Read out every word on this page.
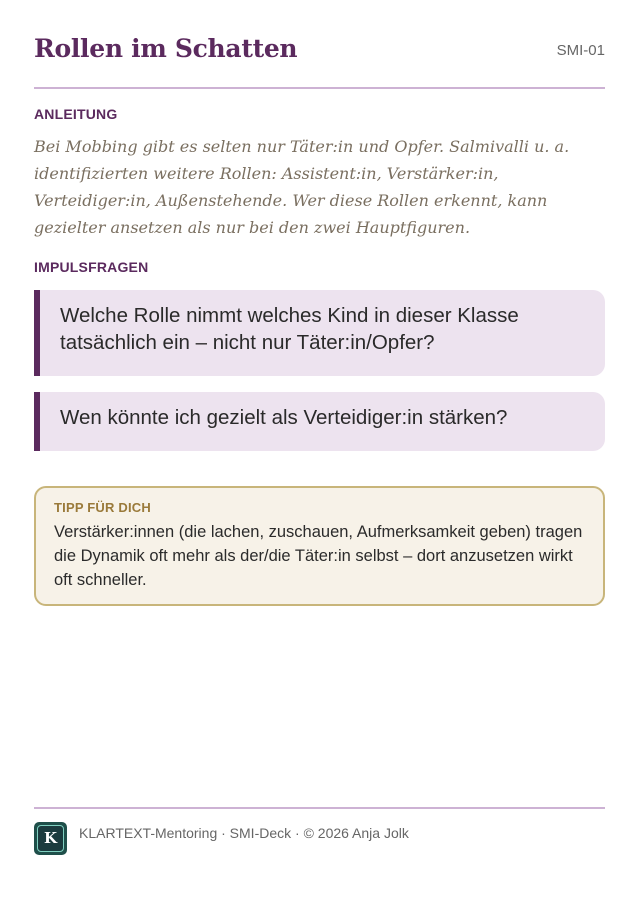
Rollen im Schatten	SMI-01
ANLEITUNG
Bei Mobbing gibt es selten nur Täter:in und Opfer. Salmivalli u. a. identifizierten weitere Rollen: Assistent:in, Verstärker:in, Verteidiger:in, Außenstehende. Wer diese Rollen erkennt, kann gezielter ansetzen als nur bei den zwei Hauptfiguren.
IMPULSFRAGEN
Welche Rolle nimmt welches Kind in dieser Klasse tatsächlich ein – nicht nur Täter:in/Opfer?
Wen könnte ich gezielt als Verteidiger:in stärken?
TIPP FÜR DICH
Verstärker:innen (die lachen, zuschauen, Aufmerksamkeit geben) tragen die Dynamik oft mehr als der/die Täter:in selbst – dort anzusetzen wirkt oft schneller.
K	KLARTEXT-Mentoring · SMI-Deck · © 2026 Anja Jolk
